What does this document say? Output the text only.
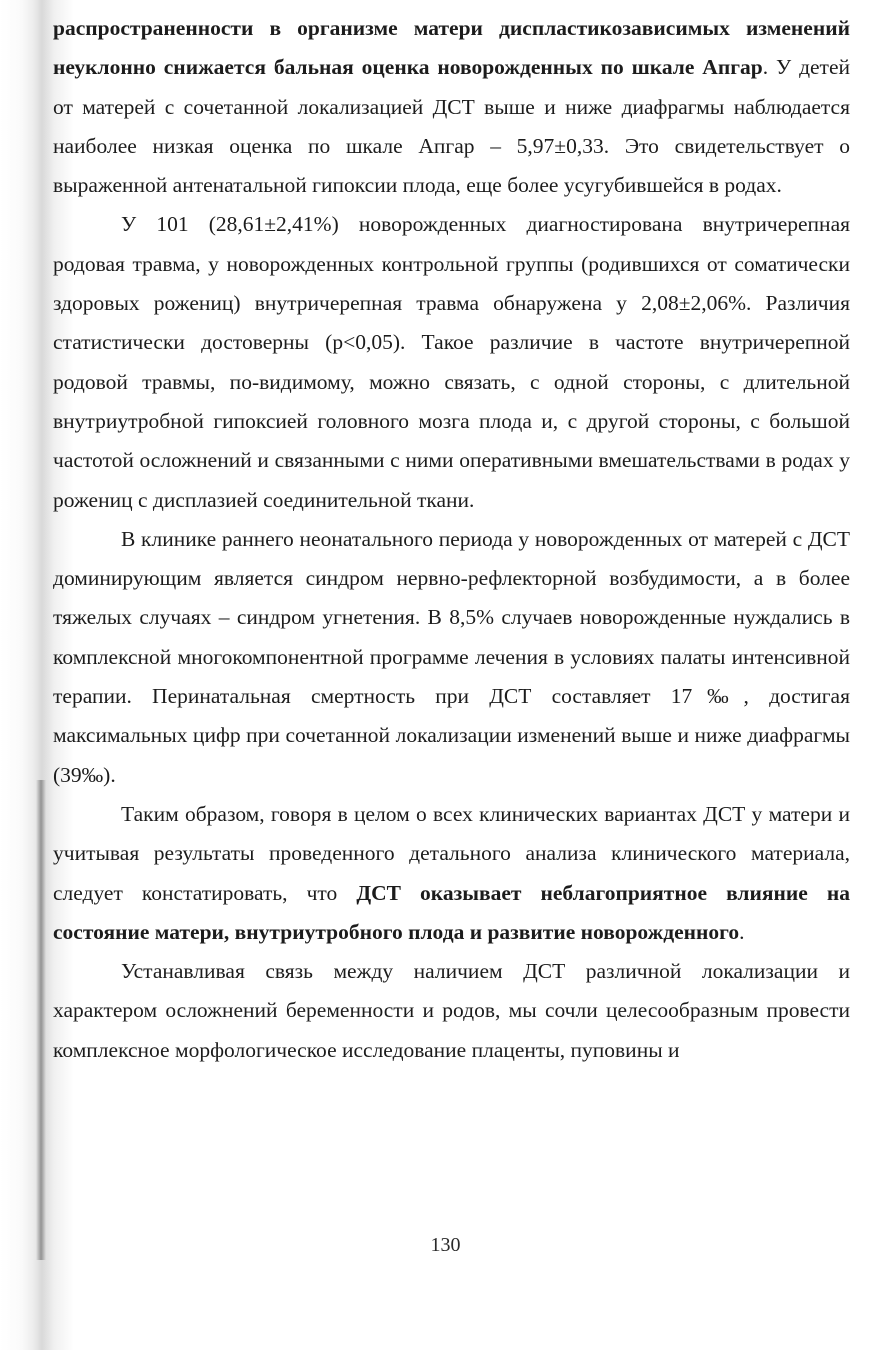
распространенности в организме матери диспластикозависимых изменений неуклонно снижается бальная оценка новорожденных по шкале Апгар. У детей от матерей с сочетанной локализацией ДСТ выше и ниже диафрагмы наблюдается наиболее низкая оценка по шкале Апгар – 5,97±0,33. Это свидетельствует о выраженной антенатальной гипоксии плода, еще более усугубившейся в родах.

У 101 (28,61±2,41%) новорожденных диагностирована внутричерепная родовая травма, у новорожденных контрольной группы (родившихся от соматически здоровых рожениц) внутричерепная травма обнаружена у 2,08±2,06%. Различия статистически достоверны (р<0,05). Такое различие в частоте внутричерепной родовой травмы, по-видимому, можно связать, с одной стороны, с длительной внутриутробной гипоксией головного мозга плода и, с другой стороны, с большой частотой осложнений и связанными с ними оперативными вмешательствами в родах у рожениц с дисплазией соединительной ткани.

В клинике раннего неонатального периода у новорожденных от матерей с ДСТ доминирующим является синдром нервно-рефлекторной возбудимости, а в более тяжелых случаях – синдром угнетения. В 8,5% случаев новорожденные нуждались в комплексной многокомпонентной программе лечения в условиях палаты интенсивной терапии. Перинатальная смертность при ДСТ составляет 17‰, достигая максимальных цифр при сочетанной локализации изменений выше и ниже диафрагмы (39‰).

Таким образом, говоря в целом о всех клинических вариантах ДСТ у матери и учитывая результаты проведенного детального анализа клинического материала, следует констатировать, что ДСТ оказывает неблагоприятное влияние на состояние матери, внутриутробного плода и развитие новорожденного.

Устанавливая связь между наличием ДСТ различной локализации и характером осложнений беременности и родов, мы сочли целесообразным провести комплексное морфологическое исследование плаценты, пуповины и

130
